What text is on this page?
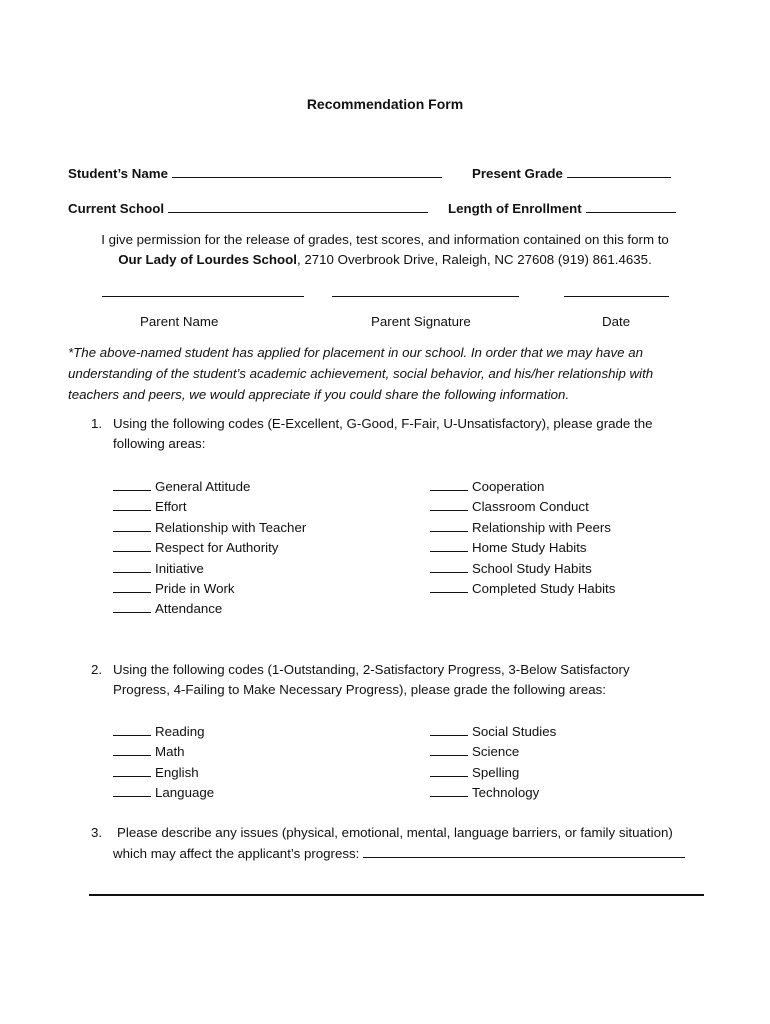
Recommendation Form
Student’s Name	Present Grade
Current School	Length of Enrollment
I give permission for the release of grades, test scores, and information contained on this form to
Our Lady of Lourdes School, 2710 Overbrook Drive, Raleigh, NC 27608 (919) 861.4635.
Parent Name	Parent Signature	Date
*The above-named student has applied for placement in our school. In order that we may have an
understanding of the student’s academic achievement, social behavior, and his/her relationship with
teachers and peers, we would appreciate if you could share the following information.
1. Using the following codes (E-Excellent, G-Good, F-Fair, U-Unsatisfactory), please grade the
following areas:
General Attitude
Effort
Relationship with Teacher
Respect for Authority
Initiative
Pride in Work
Attendance
Cooperation
Classroom Conduct
Relationship with Peers
Home Study Habits
School Study Habits
Completed Study Habits
2. Using the following codes (1-Outstanding, 2-Satisfactory Progress, 3-Below Satisfactory
Progress, 4-Failing to Make Necessary Progress), please grade the following areas:
Reading
Math
English
Language
Social Studies
Science
Spelling
Technology
3. Please describe any issues (physical, emotional, mental, language barriers, or family situation)
which may affect the applicant’s progress:
